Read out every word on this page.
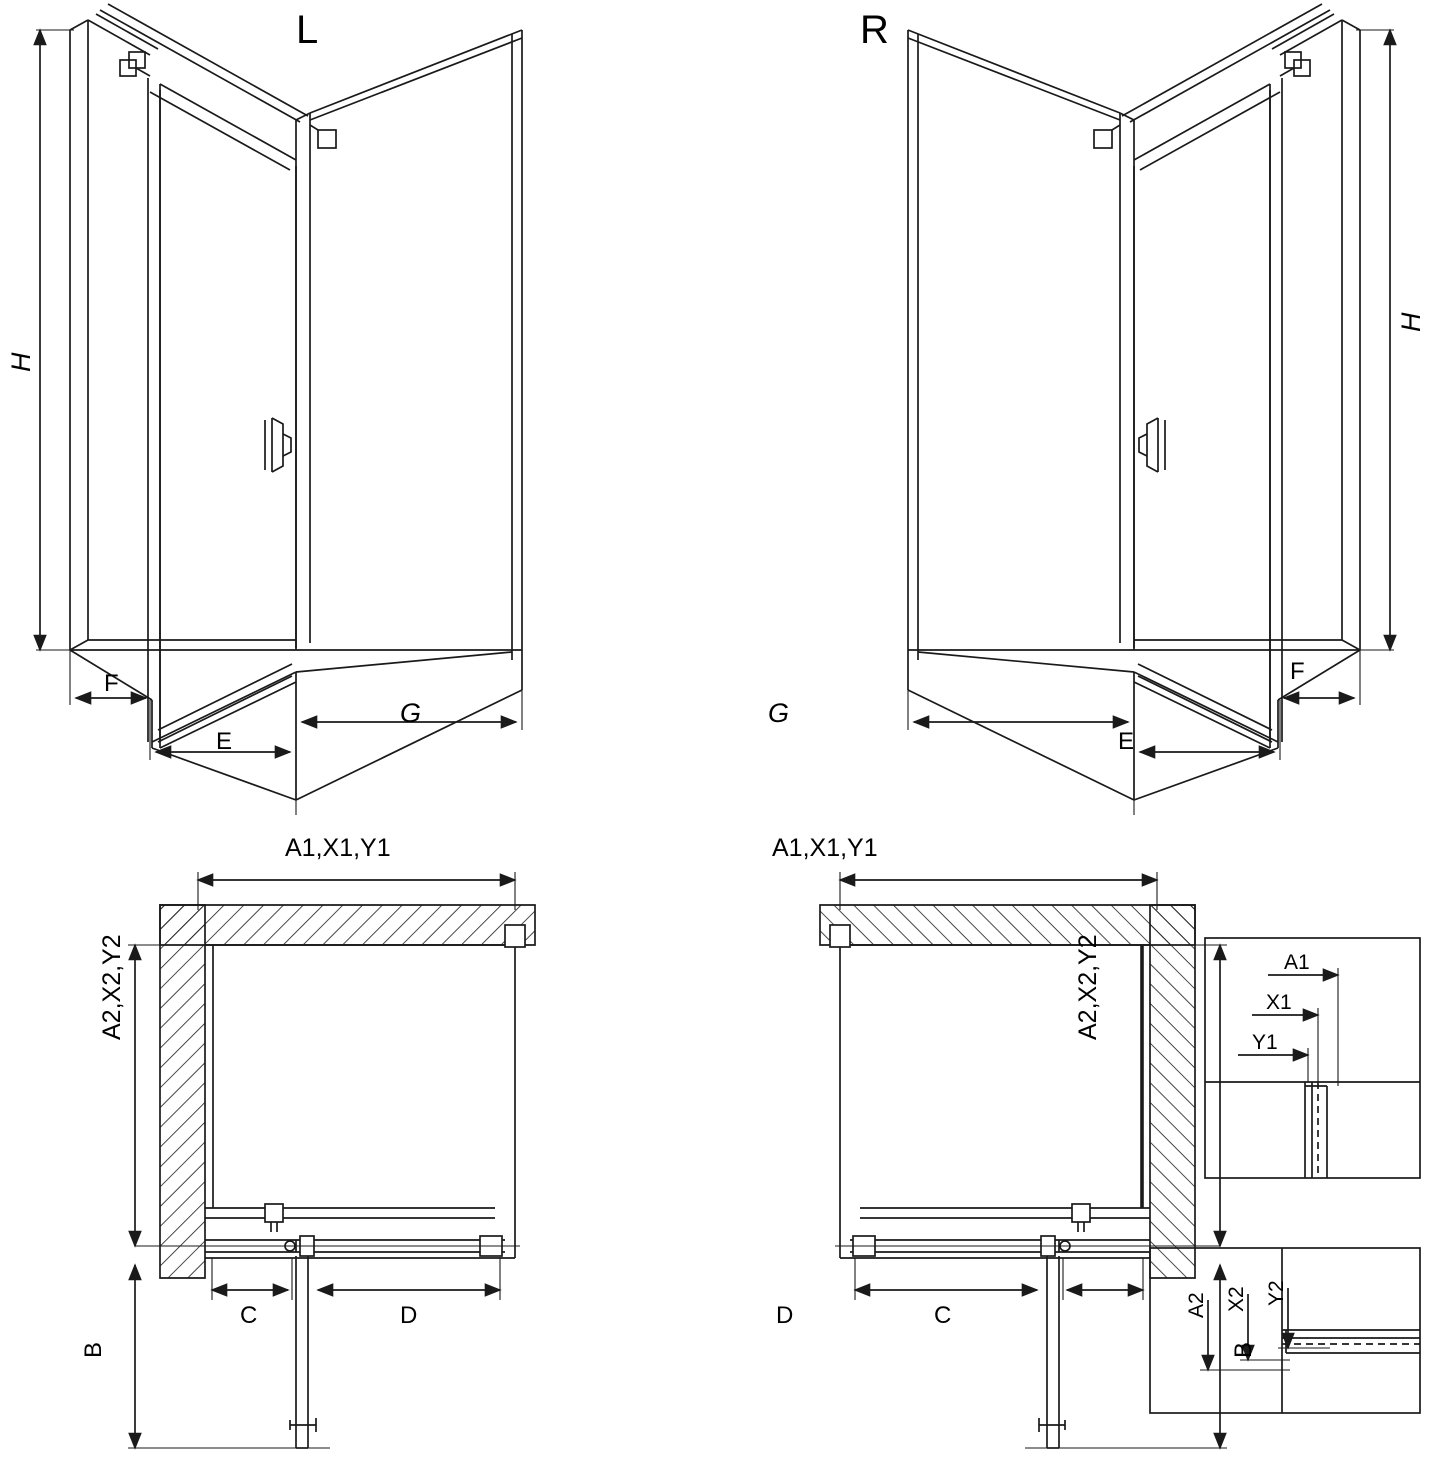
L
H
F
E
G
R
H
F
E
G
A1,X1,Y1
A2,X2,Y2
C	D
B
A1,X1,Y1
A2,X2,Y2
D	C
B
A1
X1
Y1
A2 X2 Y2
